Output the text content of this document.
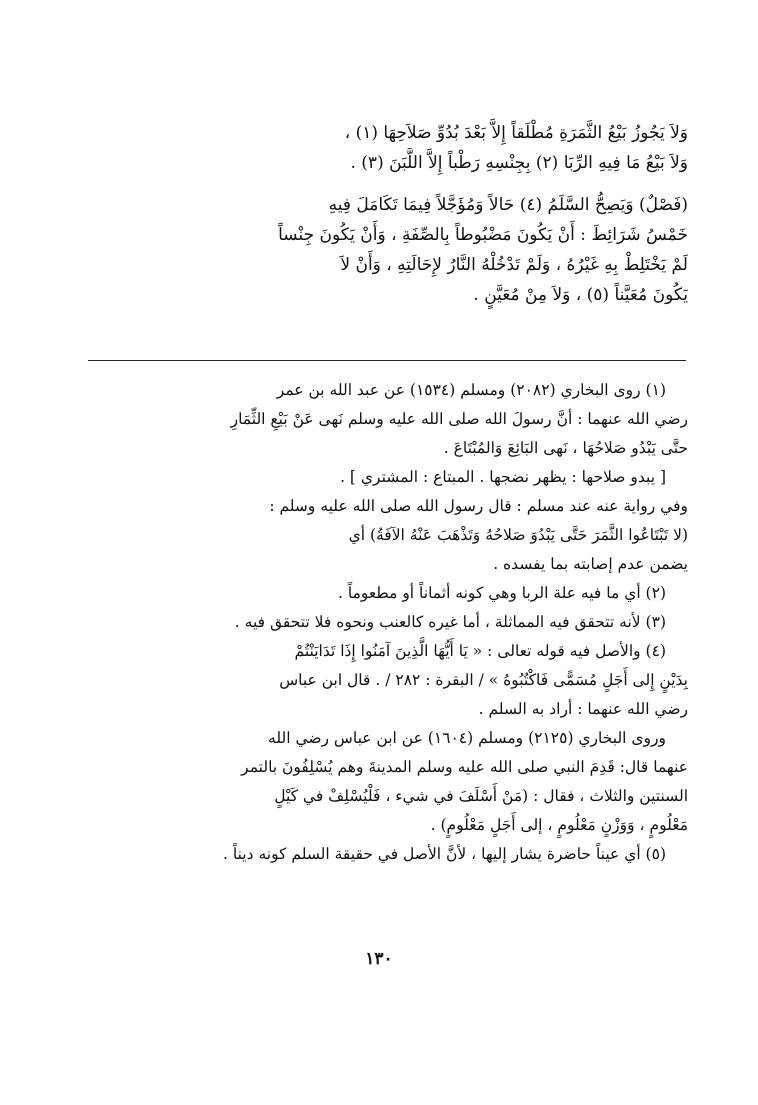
وَلاَ يَجُوزُ بَيْعُ الثَّمَرَةِ مُطْلَقاً إِلاَّ بَعْدَ بُدُوِّ صَلاَحِهَا (١) ،
وَلاَ بَيْعُ مَا فِيهِ الرِّبَا (٢) بِجِنْسِهِ رَطْباً إِلاَّ اللَّبَنَ (٣) .
(فَصْلٌ) وَيَصِحُّ السَّلَمُ (٤) حَالاً وَمُؤَجَّلاً فِيمَا تَكَامَلَ فِيهِ
خَمْسُ شَرَائِطَ : أَنْ يَكُونَ مَضْبُوطاً بِالصِّفَةِ ، وَأَنْ يَكُونَ جِنْساً
لَمْ يَخْتَلِطْ بِهِ غَيْرُهُ ، وَلَمْ تَدْخُلْهُ النَّارُ لإِحَالَتِهِ ، وَأَنْ لاَ
يَكُونَ مُعَيَّناً (٥) ، وَلاَ مِنْ مُعَيَّنٍ .
(١) روى البخاري (٢٠٨٢) ومسلم (١٥٣٤) عن عبد الله بن عمر
رضي الله عنهما : أنَّ رسولَ الله صلى الله عليه وسلم نَهى عَنْ بَيْعِ الثِّمَارِ
حتَّى يَبْدُو صَلاحُهَا ، نَهى البَائِعَ وَالمُبْتَاعَ .
[ يبدو صلاحها : يظهر نضجها . المبتاع : المشتري ] .
وفي رواية عنه عند مسلم : قال رسول الله صلى الله عليه وسلم :
(لا تَبْتَاعُوا الثَّمَرَ حَتَّى يَبْدُوَ صَلاحُهُ وَتَذْهَبَ عَنْهُ الآفَةُ) أي
يضمن عدم إصابته بما يفسده .
(٢) أي ما فيه علة الربا وهي كونه أثماناً أو مطعوماً .
(٣) لأنه تتحقق فيه المماثلة ، أما غيره كالعنب ونحوه فلا تتحقق فيه .
(٤) والأصل فيه قوله تعالى : « يَا أَيُّهَا الَّذِينَ آمَنُوا إِذَا تَدَايَنْتُمْ
بِدَيْنٍ إِلى أَجَلٍ مُسَمًّى فَاكْتُبُوهُ » / البقرة : ٢٨٢ / . قال ابن عباس
رضي الله عنهما : أراد به السلم .
وروى البخاري (٢١٢٥) ومسلم (١٦٠٤) عن ابن عباس رضي الله
عنهما قال: قَدِمَ النبي صلى الله عليه وسلم المدينةَ وهم يُسْلِفُونَ بالتمر
السنتين والثلاث ، فقال : (مَنْ أَسْلَفَ في شيء ، فَلْيُسْلِفْ في كَيْلٍ
مَعْلُومٍ ، وَوَزْنٍ مَعْلُومٍ ، إلى أَجَلٍ مَعْلُومٍ) .
(٥) أي عيناً حاضرة يشار إليها ، لأنَّ الأصل في حقيقة السلم كونه ديناً .
١٣٠
